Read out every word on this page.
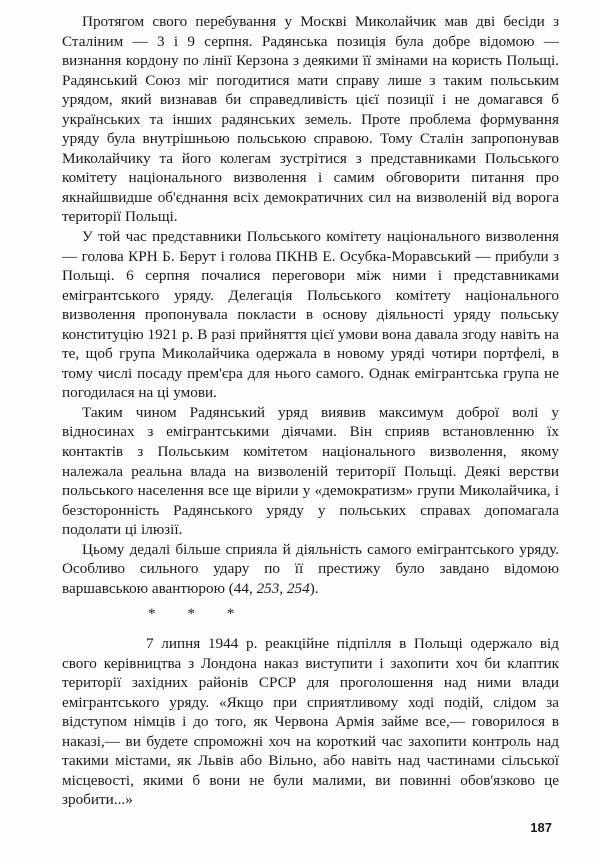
Протягом свого перебування у Москві Миколайчик мав дві бесіди з Сталіним — 3 і 9 серпня. Радянська позиція була добре відомою — визнання кордону по лінії Керзона з деякими її змінами на користь Польщі. Радянський Союз міг погодитися мати справу лише з таким польським урядом, який визнавав би справедливість цієї позиції і не домагався б українських та інших радянських земель. Проте проблема формування уряду була внутрішньою польською справою. Тому Сталін запропонував Миколайчику та його колегам зустрітися з представниками Польського комітету національного визволення і самим обговорити питання про якнайшвидше об'єднання всіх демократичних сил на визволеній від ворога території Польщі.

У той час представники Польського комітету національного визволення — голова КРН Б. Берут і голова ПКНВ Е. Осубка-Моравський — прибули з Польщі. 6 серпня почалися переговори між ними і представниками емігрантського уряду. Делегація Польського комітету національного визволення пропонувала покласти в основу діяльності уряду польську конституцію 1921 р. В разі прийняття цієї умови вона давала згоду навіть на те, щоб група Миколайчика одержала в новому уряді чотири портфелі, в тому числі посаду прем'єра для нього самого. Однак емігрантська група не погодилася на ці умови.

Таким чином Радянський уряд виявив максимум доброї волі у відносинах з емігрантськими діячами. Він сприяв встановленню їх контактів з Польським комітетом національного визволення, якому належала реальна влада на визволеній території Польщі. Деякі верстви польського населення все ще вірили у «демократизм» групи Миколайчика, і безсторонність Радянського уряду у польських справах допомагала подолати ці ілюзії.

Цьому дедалі більше сприяла й діяльність самого емігрантського уряду. Особливо сильного удару по її престижу було завдано відомою варшавською авантюрою (44, 253, 254).

* * *

7 липня 1944 р. реакційне підпілля в Польщі одержало від свого керівництва з Лондона наказ виступити і захопити хоч би клаптик території західних районів СРСР для проголошення над ними влади емігрантського уряду. «Якщо при сприятливому ході подій, слідом за відступом німців і до того, як Червона Армія займе все,— говорилося в наказі,— ви будете спроможні хоч на короткий час захопити контроль над такими містами, як Львів або Вільно, або навіть над частинами сільської місцевості, якими б вони не були малими, ви повинні обов'язково це зробити...»

187
